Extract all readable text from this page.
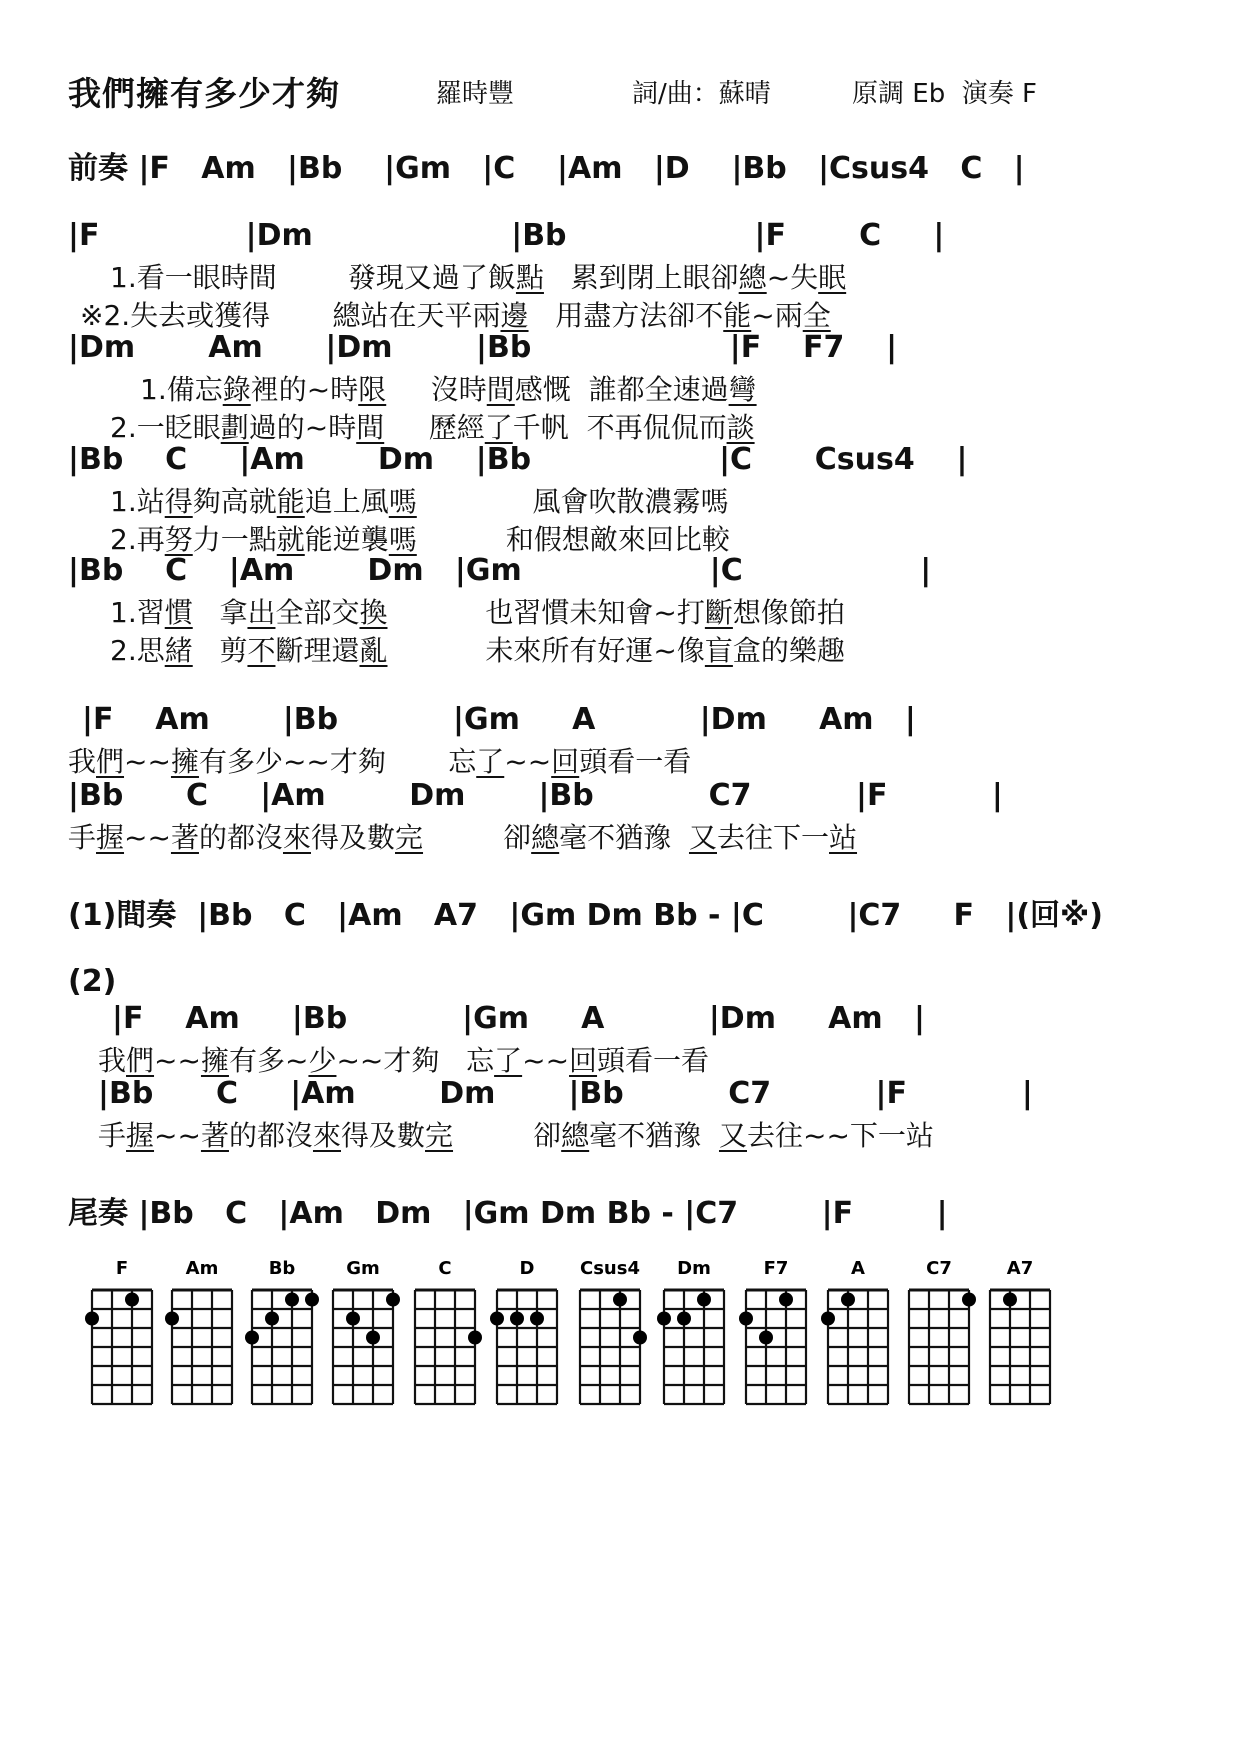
我們擁有多少才夠	羅時豐	詞/曲：蘇晴	原調 Eb  演奏 F
前奏 |F   Am   |Bb    |Gm   |C    |Am   |D    |Bb   |Csus4   C   |
|F              |Dm                   |Bb                  |F       C     |
1.看一眼時間	發現又過了飯點 累到閉上眼卻總~失眠
※2.失去或獲得 總站在天平兩邊 用盡方法卻不能~兩全
|Dm       Am      |Dm        |Bb                   |F    F7    |
1.備忘錄裡的~時限 沒時間感慨  誰都全速過彎
2.一眨眼劃過的~時間 歷經了千帆  不再侃侃而談
|Bb    C     |Am       Dm    |Bb                  |C      Csus4    |
1.站得夠高就能追上風嗎	風會吹散濃霧嗎
2.再努力一點就能逆襲嗎	和假想敵來回比較
|Bb    C    |Am       Dm   |Gm                  |C                 |
1.習慣 拿出全部交換	也習慣未知會~打斷想像節拍
2.思緒 剪不斷理還亂	未來所有好運~像盲盒的樂趣
|F    Am       |Bb           |Gm     A          |Dm     Am   |
我們~~擁有多少~~才夠 忘了~~回頭看一看
|Bb      C     |Am        Dm       |Bb           C7          |F          |
手握~~著的都沒來得及數完	卻總毫不猶豫  又去往下一站
(1)間奏 |Bb   C   |Am   A7   |Gm Dm Bb - |C        |C7     F   |(回※)
(2)
|F    Am     |Bb           |Gm     A          |Dm     Am   |
我們~~擁有多~少~~才夠   忘了~~回頭看一看
|Bb      C     |Am        Dm       |Bb          C7          |F           |
手握~~著的都沒來得及數完	卻總毫不猶豫  又去往~~下一站
尾奏 |Bb   C   |Am   Dm   |Gm Dm Bb - |C7        |F        |
F	Am	Bb	Gm	C	D	Csus4 Dm	F7	A	C7	A7
